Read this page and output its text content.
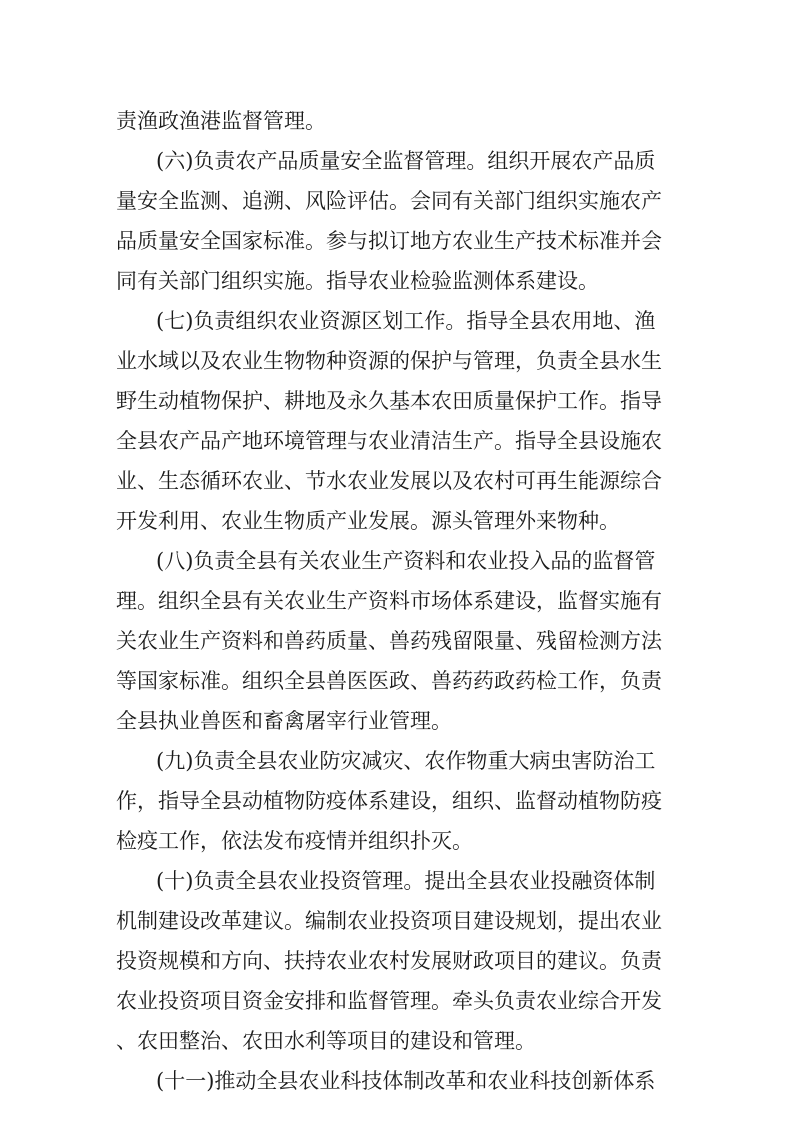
责渔政渔港监督管理。
(六)负责农产品质量安全监督管理。组织开展农产品质
量安全监测、追溯、风险评估。会同有关部门组织实施农产
品质量安全国家标准。参与拟订地方农业生产技术标准并会
同有关部门组织实施。指导农业检验监测体系建设。
(七)负责组织农业资源区划工作。指导全县农用地、渔
业水域以及农业生物物种资源的保护与管理，负责全县水生
野生动植物保护、耕地及永久基本农田质量保护工作。指导
全县农产品产地环境管理与农业清洁生产。指导全县设施农
业、生态循环农业、节水农业发展以及农村可再生能源综合
开发利用、农业生物质产业发展。源头管理外来物种。
(八)负责全县有关农业生产资料和农业投入品的监督管
理。组织全县有关农业生产资料市场体系建设，监督实施有
关农业生产资料和兽药质量、兽药残留限量、残留检测方法
等国家标准。组织全县兽医医政、兽药药政药检工作，负责
全县执业兽医和畜禽屠宰行业管理。
(九)负责全县农业防灾减灾、农作物重大病虫害防治工
作，指导全县动植物防疫体系建设，组织、监督动植物防疫
检疫工作，依法发布疫情并组织扑灭。
(十)负责全县农业投资管理。提出全县农业投融资体制
机制建设改革建议。编制农业投资项目建设规划，提出农业
投资规模和方向、扶持农业农村发展财政项目的建议。负责
农业投资项目资金安排和监督管理。牵头负责农业综合开发
、农田整治、农田水利等项目的建设和管理。
(十一)推动全县农业科技体制改革和农业科技创新体系
